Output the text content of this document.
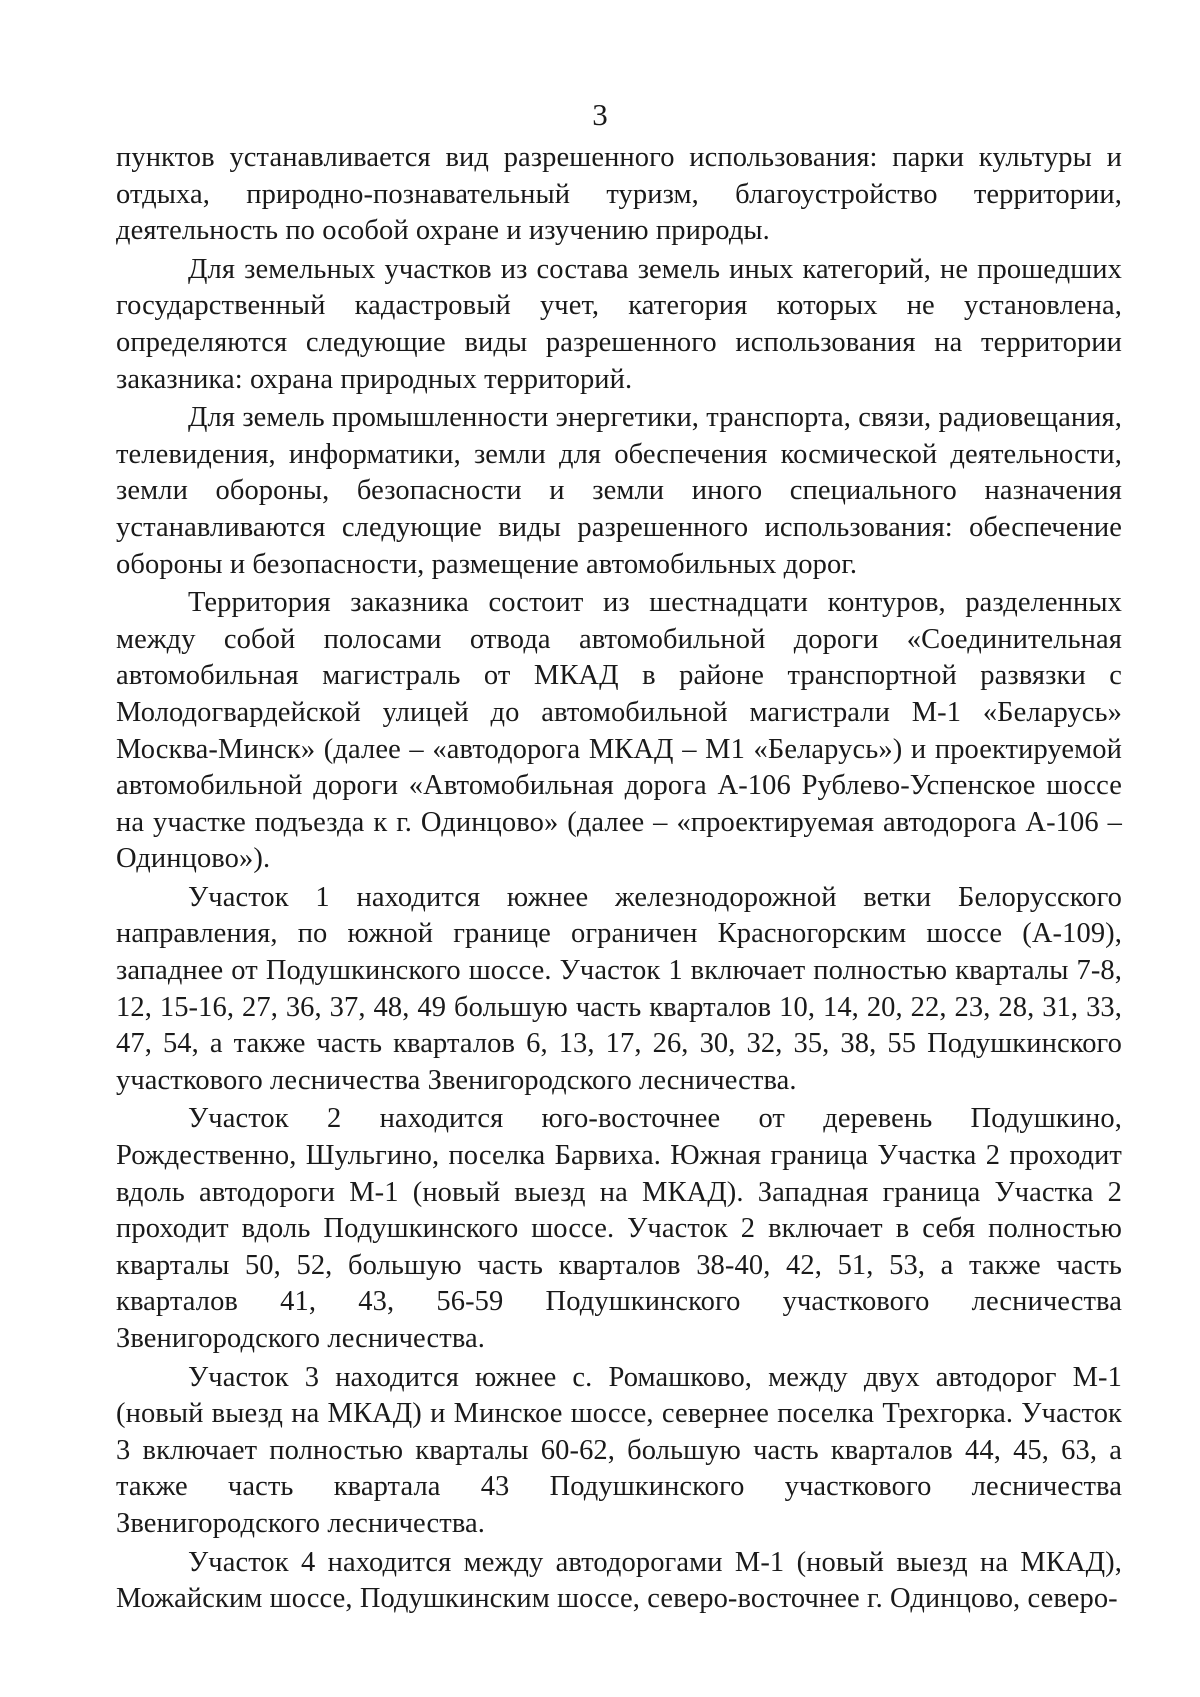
3

пунктов устанавливается вид разрешенного использования: парки культуры и отдыха, природно-познавательный туризм, благоустройство территории, деятельность по особой охране и изучению природы.

Для земельных участков из состава земель иных категорий, не прошедших государственный кадастровый учет, категория которых не установлена, определяются следующие виды разрешенного использования на территории заказника: охрана природных территорий.

Для земель промышленности энергетики, транспорта, связи, радиовещания, телевидения, информатики, земли для обеспечения космической деятельности, земли обороны, безопасности и земли иного специального назначения устанавливаются следующие виды разрешенного использования: обеспечение обороны и безопасности, размещение автомобильных дорог.

Территория заказника состоит из шестнадцати контуров, разделенных между собой полосами отвода автомобильной дороги «Соединительная автомобильная магистраль от МКАД в районе транспортной развязки с Молодогвардейской улицей до автомобильной магистрали М-1 «Беларусь» Москва-Минск» (далее – «автодорога МКАД – М1 «Беларусь») и проектируемой автомобильной дороги «Автомобильная дорога А-106 Рублево-Успенское шоссе на участке подъезда к г. Одинцово» (далее – «проектируемая автодорога А-106 – Одинцово»).

Участок 1 находится южнее железнодорожной ветки Белорусского направления, по южной границе ограничен Красногорским шоссе (А-109), западнее от Подушкинского шоссе. Участок 1 включает полностью кварталы 7-8, 12, 15-16, 27, 36, 37, 48, 49 большую часть кварталов 10, 14, 20, 22, 23, 28, 31, 33, 47, 54, а также часть кварталов 6, 13, 17, 26, 30, 32, 35, 38, 55 Подушкинского участкового лесничества Звенигородского лесничества.

Участок 2 находится юго-восточнее от деревень Подушкино, Рождественно, Шульгино, поселка Барвиха. Южная граница Участка 2 проходит вдоль автодороги М-1 (новый выезд на МКАД). Западная граница Участка 2 проходит вдоль Подушкинского шоссе. Участок 2 включает в себя полностью кварталы 50, 52, большую часть кварталов 38-40, 42, 51, 53, а также часть кварталов 41, 43, 56-59 Подушкинского участкового лесничества Звенигородского лесничества.

Участок 3 находится южнее с. Ромашково, между двух автодорог М-1 (новый выезд на МКАД) и Минское шоссе, севернее поселка Трехгорка. Участок 3 включает полностью кварталы 60-62, большую часть кварталов 44, 45, 63, а также часть квартала 43 Подушкинского участкового лесничества Звенигородского лесничества.

Участок 4 находится между автодорогами М-1 (новый выезд на МКАД), Можайским шоссе, Подушкинским шоссе, северо-восточнее г. Одинцово, северо-
